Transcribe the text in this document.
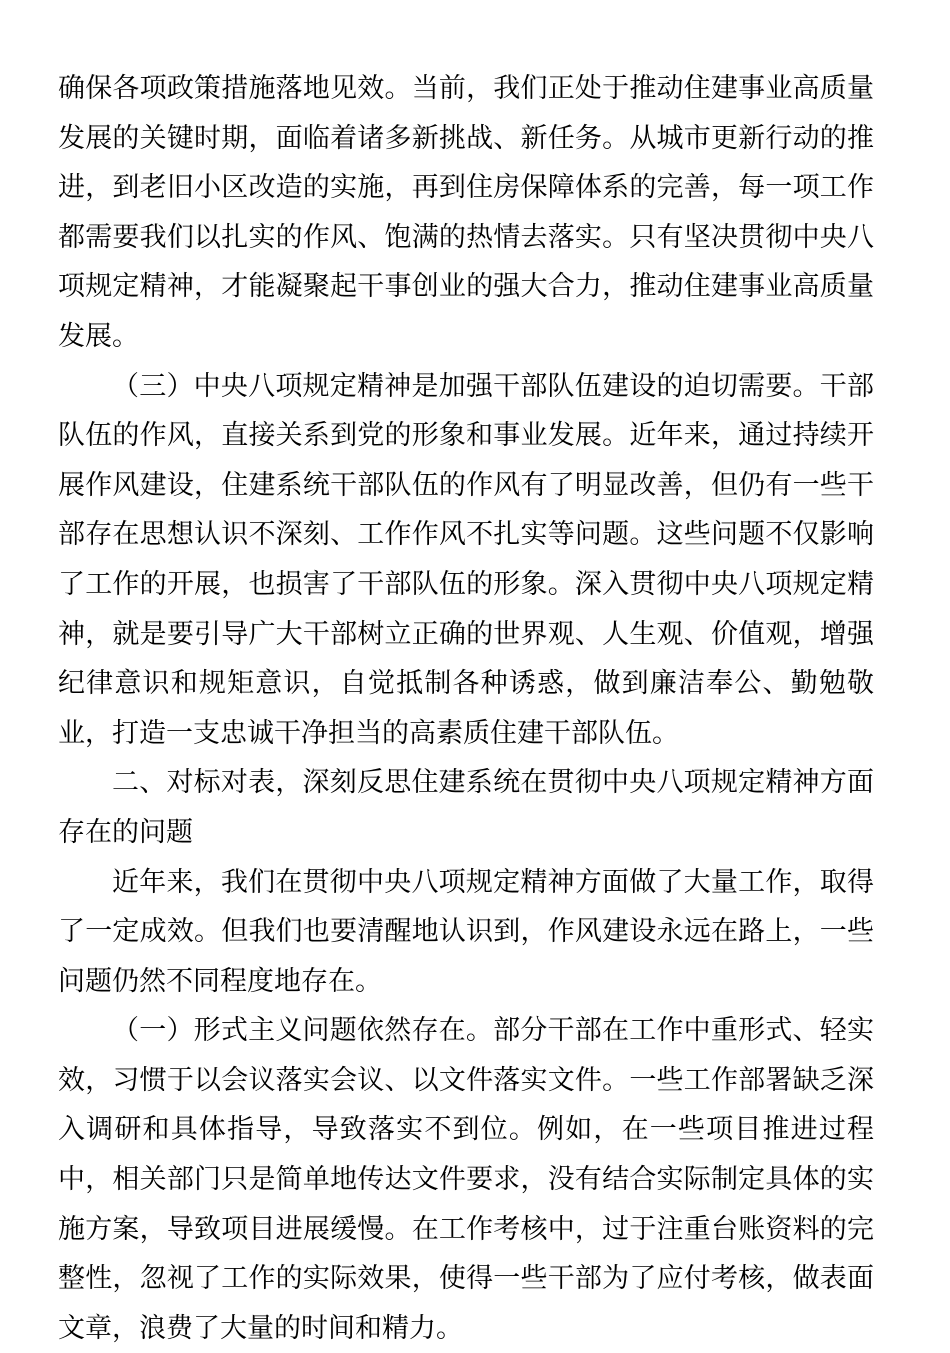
确保各项政策措施落地见效。当前，我们正处于推动住建事业高质量发展的关键时期，面临着诸多新挑战、新任务。从城市更新行动的推进，到老旧小区改造的实施，再到住房保障体系的完善，每一项工作都需要我们以扎实的作风、饱满的热情去落实。只有坚决贯彻中央八项规定精神，才能凝聚起干事创业的强大合力，推动住建事业高质量发展。

（三）中央八项规定精神是加强干部队伍建设的迫切需要。干部队伍的作风，直接关系到党的形象和事业发展。近年来，通过持续开展作风建设，住建系统干部队伍的作风有了明显改善，但仍有一些干部存在思想认识不深刻、工作作风不扎实等问题。这些问题不仅影响了工作的开展，也损害了干部队伍的形象。深入贯彻中央八项规定精神，就是要引导广大干部树立正确的世界观、人生观、价值观，增强纪律意识和规矩意识，自觉抵制各种诱惑，做到廉洁奉公、勤勉敬业，打造一支忠诚干净担当的高素质住建干部队伍。

二、对标对表，深刻反思住建系统在贯彻中央八项规定精神方面存在的问题

近年来，我们在贯彻中央八项规定精神方面做了大量工作，取得了一定成效。但我们也要清醒地认识到，作风建设永远在路上，一些问题仍然不同程度地存在。

（一）形式主义问题依然存在。部分干部在工作中重形式、轻实效，习惯于以会议落实会议、以文件落实文件。一些工作部署缺乏深入调研和具体指导，导致落实不到位。例如，在一些项目推进过程中，相关部门只是简单地传达文件要求，没有结合实际制定具体的实施方案，导致项目进展缓慢。在工作考核中，过于注重台账资料的完整性，忽视了工作的实际效果，使得一些干部为了应付考核，做表面文章，浪费了大量的时间和精力。
